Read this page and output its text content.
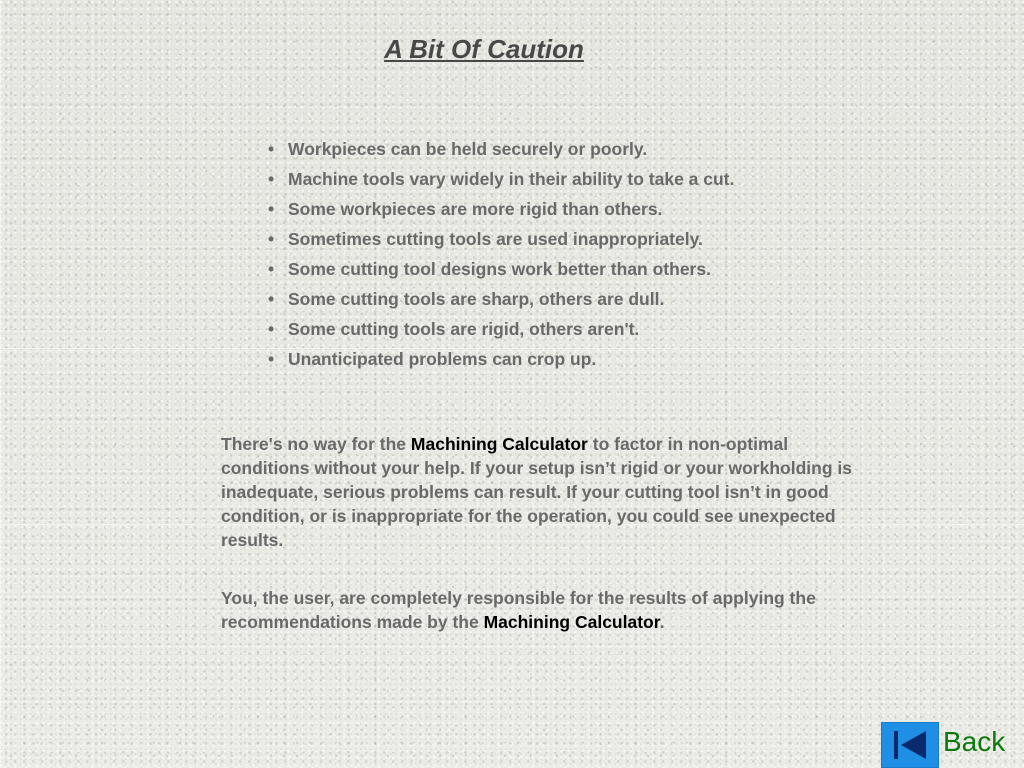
A Bit Of Caution
• Workpieces can be held securely or poorly.
• Machine tools vary widely in their ability to take a cut.
• Some workpieces are more rigid than others.
• Sometimes cutting tools are used inappropriately.
• Some cutting tool designs work better than others.
• Some cutting tools are sharp, others are dull.
• Some cutting tools are rigid, others aren't.
• Unanticipated problems can crop up.

There's no way for the Machining Calculator to factor in non-optimal conditions without your help. If your setup isn’t rigid or your workholding is inadequate, serious problems can result. If your cutting tool isn’t in good condition, or is inappropriate for the operation, you could see unexpected results.

You, the user, are completely responsible for the results of applying the recommendations made by the Machining Calculator.

Back
